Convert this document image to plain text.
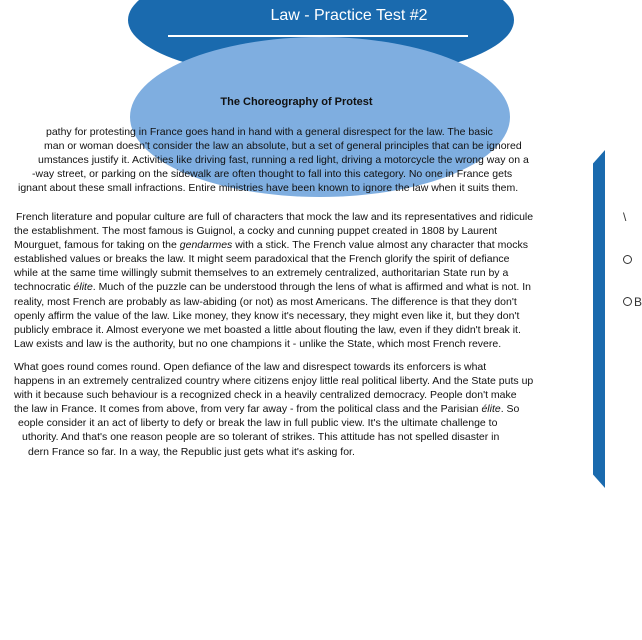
Law - Practice Test #2
The Choreography of Protest
pathy for protesting in France goes hand in hand with a general disrespect for the law. The basic
man or woman doesn't consider the law an absolute, but a set of general principles that can be ignored
umstances justify it. Activities like driving fast, running a red light, driving a motorcycle the wrong way on a
-way street, or parking on the sidewalk are often thought to fall into this category. No one in France gets
ignant about these small infractions. Entire ministries have been known to ignore the law when it suits them.
French literature and popular culture are full of characters that mock the law and its representatives and ridicule
the establishment. The most famous is Guignol, a cocky and cunning puppet created in 1808 by Laurent
Mourguet, famous for taking on the gendarmes with a stick. The French value almost any character that mocks
established values or breaks the law. It might seem paradoxical that the French glorify the spirit of defiance
while at the same time willingly submit themselves to an extremely centralized, authoritarian State run by a
technocratic élite. Much of the puzzle can be understood through the lens of what is affirmed and what is not. In
reality, most French are probably as law-abiding (or not) as most Americans. The difference is that they don't
openly affirm the value of the law. Like money, they know it's necessary, they might even like it, but they don't
publicly embrace it. Almost everyone we met boasted a little about flouting the law, even if they didn't break it.
Law exists and law is the authority, but no one champions it - unlike the State, which most French revere.
What goes round comes round. Open defiance of the law and disrespect towards its enforcers is what
happens in an extremely centralized country where citizens enjoy little real political liberty. And the State puts up
with it because such behaviour is a recognized check in a heavily centralized democracy. People don't make
the law in France. It comes from above, from very far away - from the political class and the Parisian élite. So
eople consider it an act of liberty to defy or break the law in full public view. It's the ultimate challenge to
uthority. And that's one reason people are so tolerant of strikes. This attitude has not spelled disaster in
dern France so far. In a way, the Republic just gets what it's asking for.
\
B
